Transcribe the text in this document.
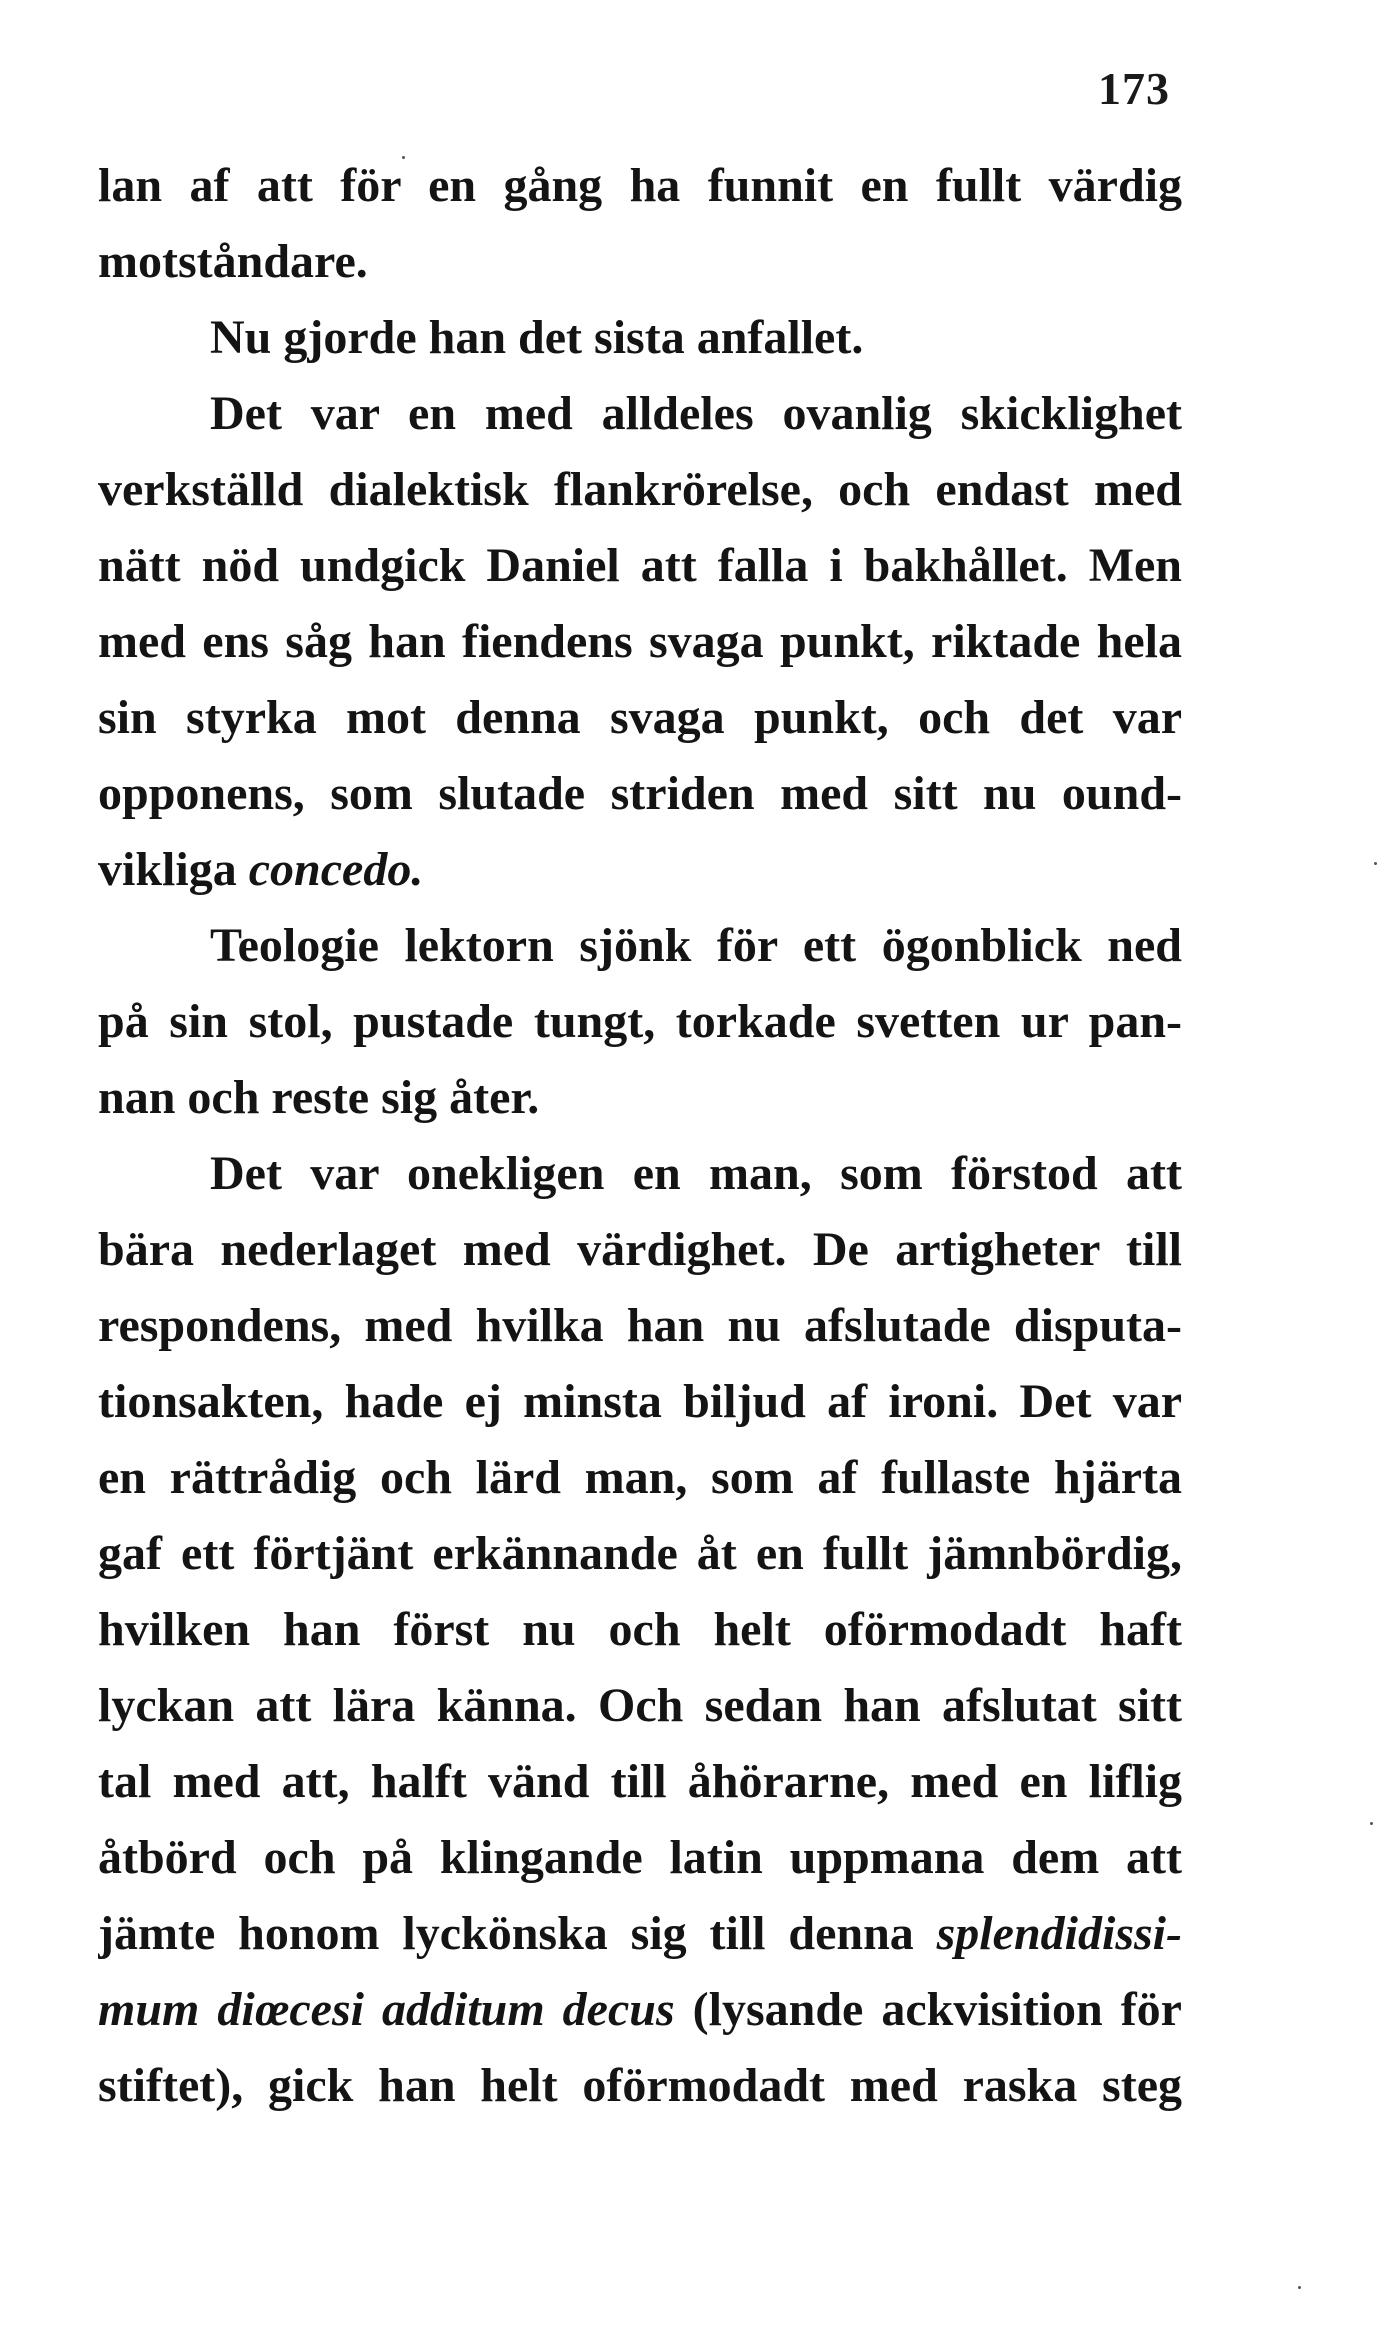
173
lan af att för en gång ha funnit en fullt värdig
motståndare.
Nu gjorde han det sista anfallet.
Det var en med alldeles ovanlig skicklighet
verkställd dialektisk flankrörelse, och endast med
nätt nöd undgick Daniel att falla i bakhållet. Men
med ens såg han fiendens svaga punkt, riktade hela
sin styrka mot denna svaga punkt, och det var
opponens, som slutade striden med sitt nu ound-
vikliga concedo.
Teologie lektorn sjönk för ett ögonblick ned
på sin stol, pustade tungt, torkade svetten ur pan-
nan och reste sig åter.
Det var onekligen en man, som förstod att
bära nederlaget med värdighet. De artigheter till
respondens, med hvilka han nu afslutade disputa-
tionsakten, hade ej minsta biljud af ironi. Det var
en rättrådig och lärd man, som af fullaste hjärta
gaf ett förtjänt erkännande åt en fullt jämnbördig,
hvilken han först nu och helt oförmodadt haft
lyckan att lära känna. Och sedan han afslutat sitt
tal med att, halft vänd till åhörarne, med en liflig
åtbörd och på klingande latin uppmana dem att
jämte honom lyckönska sig till denna splendidissi-
mum diœcesi additum decus (lysande ackvisition för
stiftet), gick han helt oförmodadt med raska steg
